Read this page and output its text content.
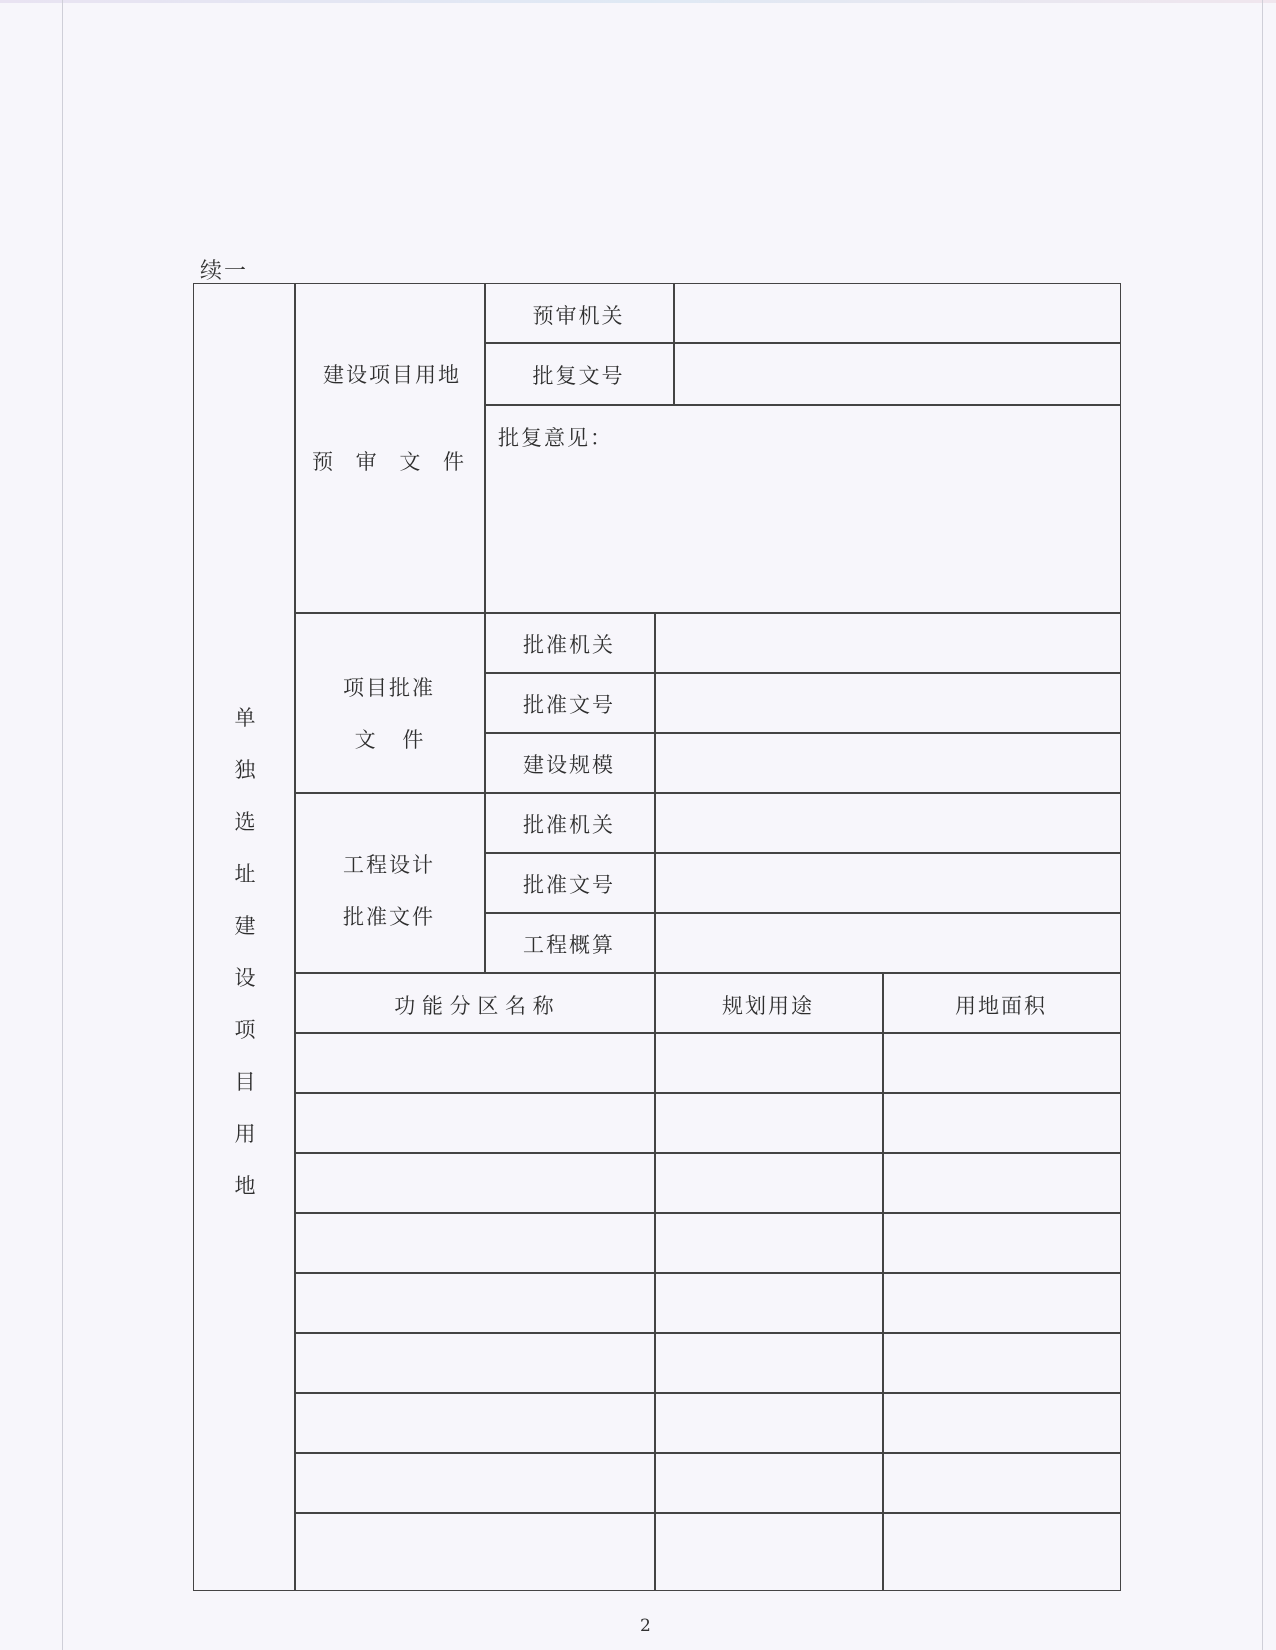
续一
单
独
选
址
建
设
项
目
用
地
建设项目用地
预 审 文 件
预审机关
批复文号
批复意见：
项目批准
文    件
批准机关
批准文号
建设规模
工程设计
批准文件
批准机关
批准文号
工程概算
功 能 分 区 名 称	规划用途	用地面积
2
